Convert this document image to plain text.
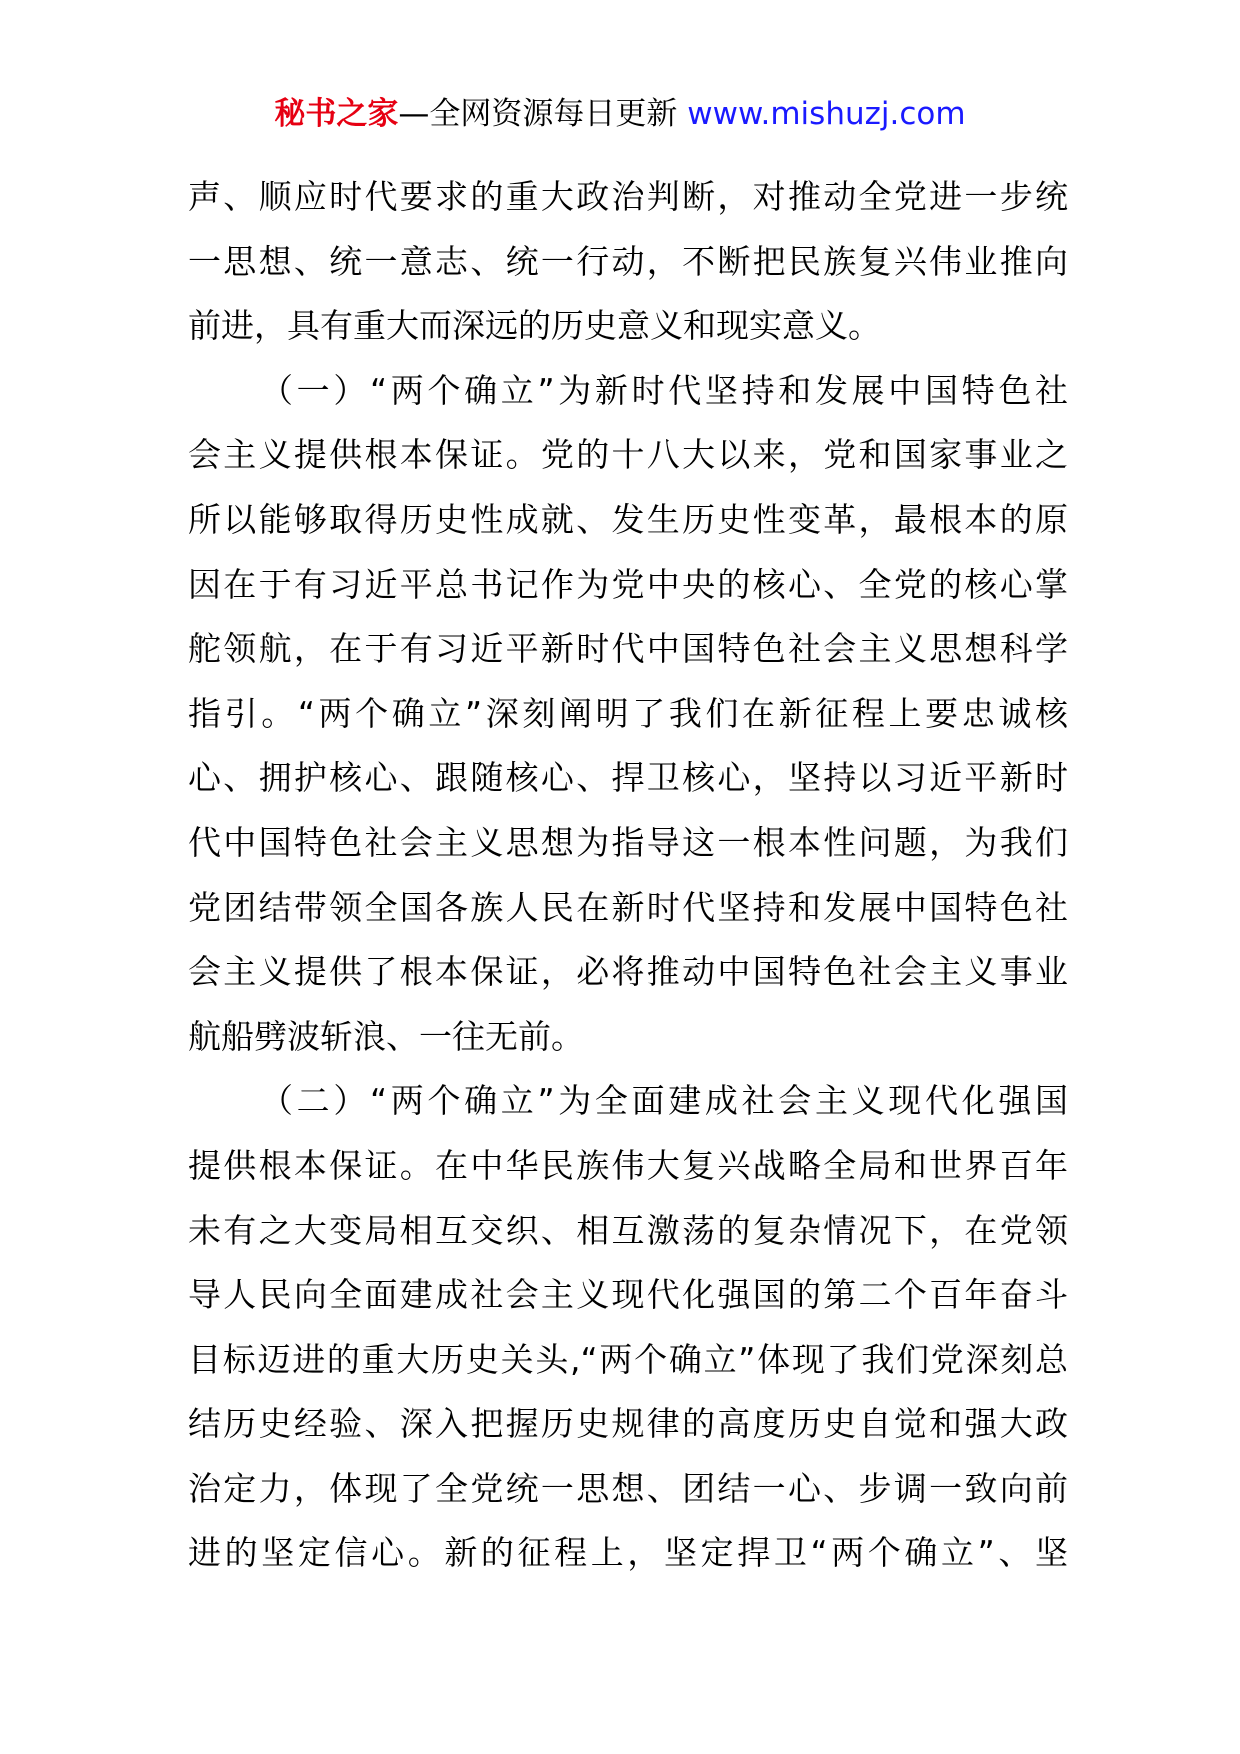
秘书之家—全网资源每日更新 www.mishuzj.com
声、顺应时代要求的重大政治判断，对推动全党进一步统
一思想、统一意志、统一行动，不断把民族复兴伟业推向
前进，具有重大而深远的历史意义和现实意义。
（一）“两个确立”为新时代坚持和发展中国特色社
会主义提供根本保证。党的十八大以来，党和国家事业之
所以能够取得历史性成就、发生历史性变革，最根本的原
因在于有习近平总书记作为党中央的核心、全党的核心掌
舵领航，在于有习近平新时代中国特色社会主义思想科学
指引。“两个确立”深刻阐明了我们在新征程上要忠诚核
心、拥护核心、跟随核心、捍卫核心，坚持以习近平新时
代中国特色社会主义思想为指导这一根本性问题，为我们
党团结带领全国各族人民在新时代坚持和发展中国特色社
会主义提供了根本保证，必将推动中国特色社会主义事业
航船劈波斩浪、一往无前。
（二）“两个确立”为全面建成社会主义现代化强国
提供根本保证。在中华民族伟大复兴战略全局和世界百年
未有之大变局相互交织、相互激荡的复杂情况下，在党领
导人民向全面建成社会主义现代化强国的第二个百年奋斗
目标迈进的重大历史关头,“两个确立”体现了我们党深刻总
结历史经验、深入把握历史规律的高度历史自觉和强大政
治定力，体现了全党统一思想、团结一心、步调一致向前
进的坚定信心。新的征程上，坚定捍卫“两个确立”、坚
